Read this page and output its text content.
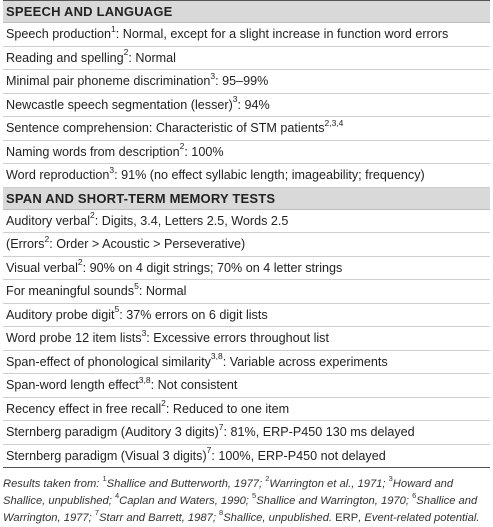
SPEECH AND LANGUAGE
Speech production$^1$: Normal, except for a slight increase in function word errors
Reading and spelling$^2$: Normal
Minimal pair phoneme discrimination$^3$: 95–99%
Newcastle speech segmentation (lesser)$^3$: 94%
Sentence comprehension: Characteristic of STM patients$^{2,3,4}$
Naming words from description$^2$: 100%
Word reproduction$^3$: 91% (no effect syllabic length; imageability; frequency)
SPAN AND SHORT-TERM MEMORY TESTS
Auditory verbal$^2$: Digits, 3.4, Letters 2.5, Words 2.5
(Errors$^2$: Order > Acoustic > Perseverative)
Visual verbal$^2$: 90% on 4 digit strings; 70% on 4 letter strings
For meaningful sounds$^5$: Normal
Auditory probe digit$^5$: 37% errors on 6 digit lists
Word probe 12 item lists$^3$: Excessive errors throughout list
Span-effect of phonological similarity$^{3,8}$: Variable across experiments
Span-word length effect$^{3,8}$: Not consistent
Recency effect in free recall$^2$: Reduced to one item
Sternberg paradigm (Auditory 3 digits)$^7$: 81%, ERP-P450 130 ms delayed
Sternberg paradigm (Visual 3 digits)$^7$: 100%, ERP-P450 not delayed
Results taken from: $^1$Shallice and Butterworth, 1977; $^2$Warrington et al., 1971; $^3$Howard and Shallice, unpublished; $^4$Caplan and Waters, 1990; $^5$Shallice and Warrington, 1970; $^6$Shallice and Warrington, 1977; $^7$Starr and Barrett, 1987; $^8$Shallice, unpublished. ERP, Event-related potential.
